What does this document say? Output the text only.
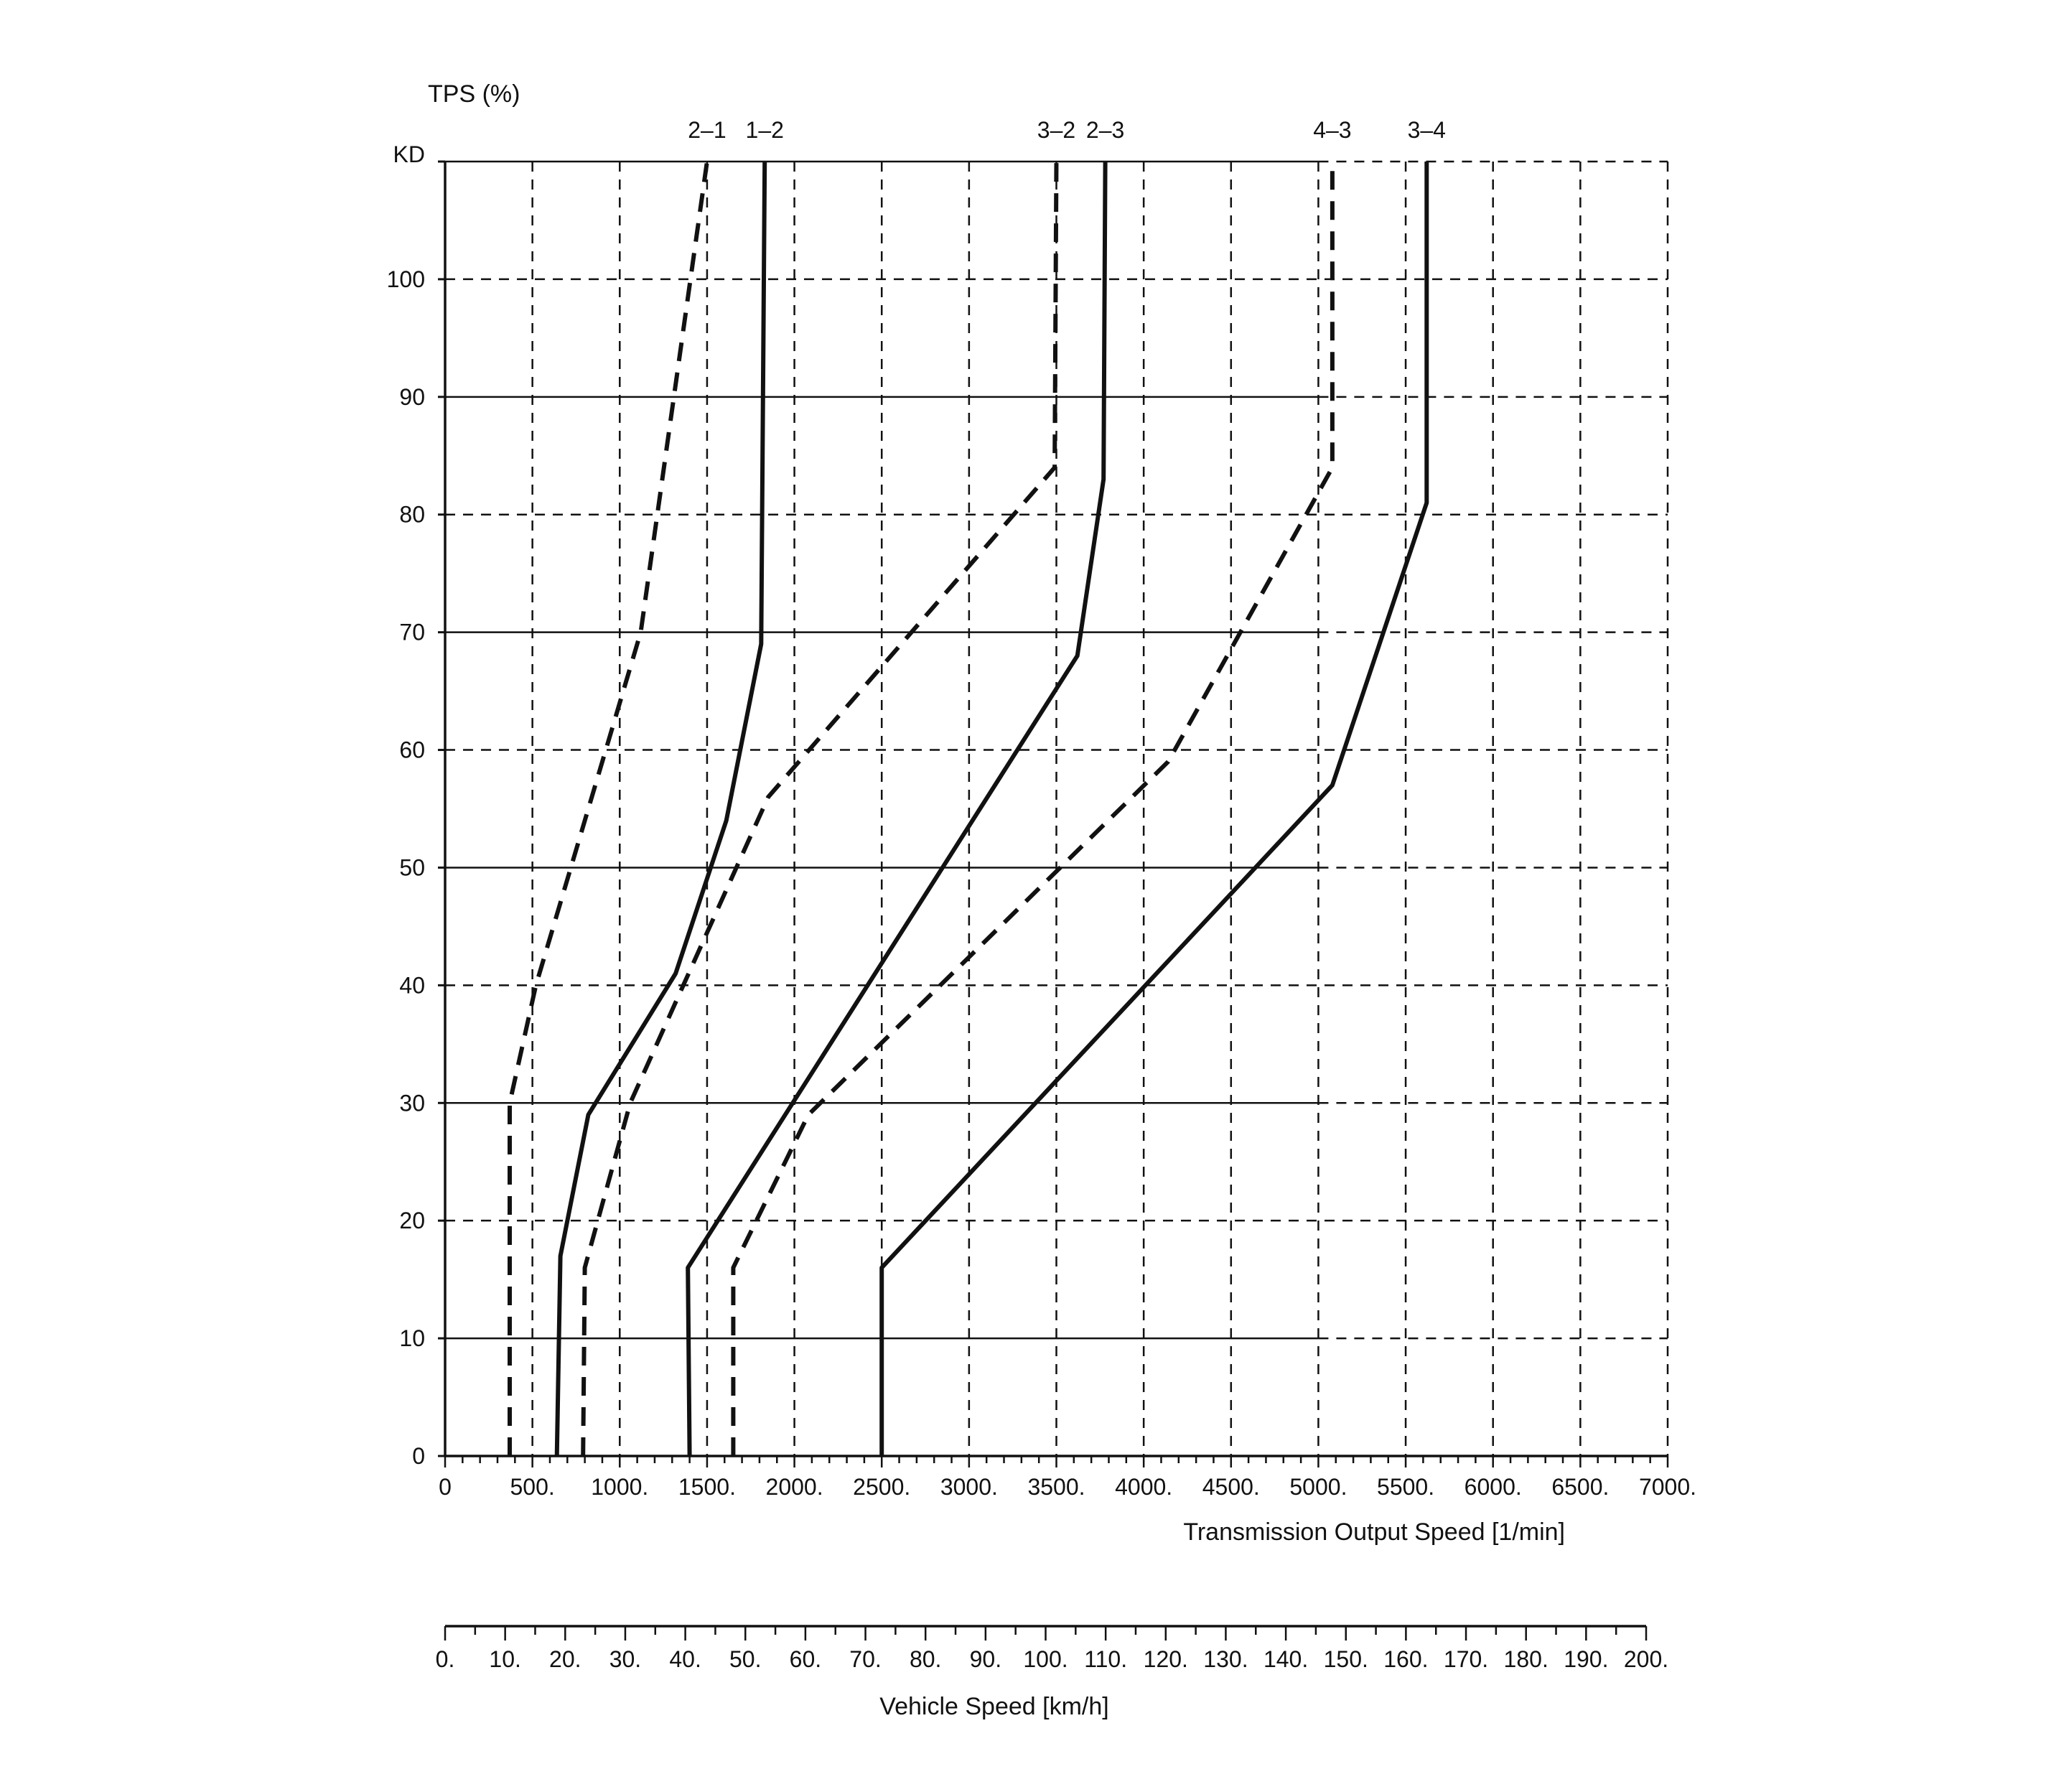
TPS (%)
KD
Transmission Output Speed [1/min]
Vehicle Speed [km/h]
0
10
20
30
40
50
60
70
80
90
100
0	500. 1000. 1500. 2000. 2500. 3000. 3500. 4000. 4500. 5000. 5500. 6000. 6500. 7000.
0. 10. 20. 30. 40. 50. 60. 70. 80. 90. 100. 110. 120. 130. 140. 150. 160. 170. 180. 190. 200.
2–1 1–2	3–2 2–3	4–3 3–4
